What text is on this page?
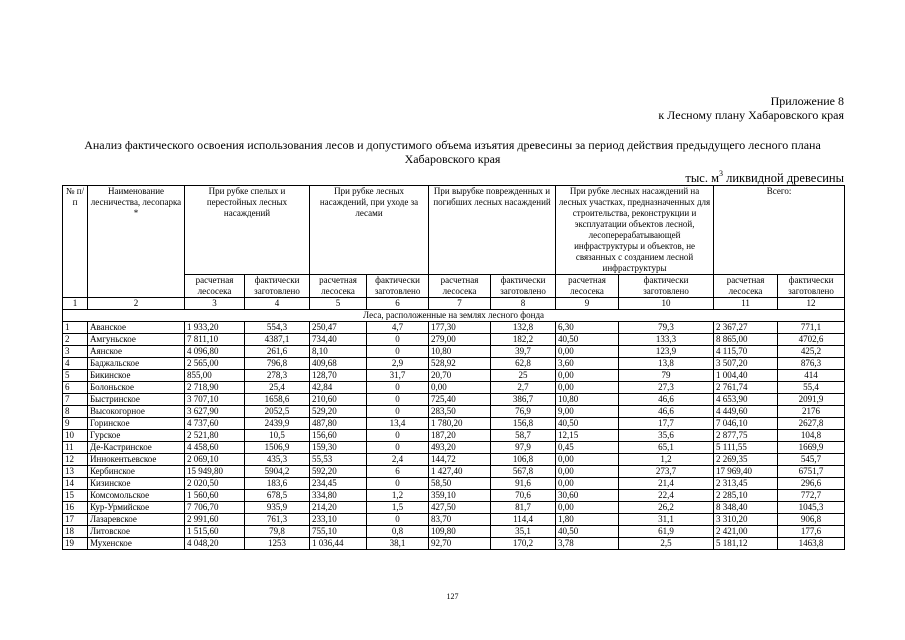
Приложение 8
к Лесному плану Хабаровского края
Анализ фактического освоения использования лесов и допустимого объема изъятия древесины за период действия предыдущего лесного плана Хабаровского края
тыс. $м^3$ ликвидной древесины
№ п/п	Наименование лесничества, лесопарка *	При рубке спелых и перестойных лесных насаждений		При рубке лесных насаждений, при уходе за лесами		При вырубке поврежденных и погибших лесных насаждений		При рубке лесных насаждений на лесных участках, предназначенных для строительства, реконструкции и эксплуатации объектов лесной, лесоперерабатывающей инфраструктуры и объектов, не связанных с созданием лесной инфраструктуры		Всего:	
		расчетная лесосека	фактически заготовлено	расчетная лесосека	фактически заготовлено	расчетная лесосека	фактически заготовлено	расчетная лесосека	фактически заготовлено	расчетная лесосека	фактически заготовлено
1	2	3	4	5	6	7	8	9	10	11	12
Леса, расположенные на землях лесного фонда											
1	Аванское	1 933,20	554,3	250,47	4,7	177,30	132,8	6,30	79,3	2 367,27	771,1
2	Амгуньское	7 811,10	4387,1	734,40	0	279,00	182,2	40,50	133,3	8 865,00	4702,6
3	Аянское	4 096,80	261,6	8,10	0	10,80	39,7	0,00	123,9	4 115,70	425,2
4	Баджальское	2 565,00	796,8	409,68	2,9	528,92	62,8	3,60	13,8	3 507,20	876,3
5	Бикинское	855,00	278,3	128,70	31,7	20,70	25	0,00	79	1 004,40	414
6	Болоньское	2 718,90	25,4	42,84	0	0,00	2,7	0,00	27,3	2 761,74	55,4
7	Быстринское	3 707,10	1658,6	210,60	0	725,40	386,7	10,80	46,6	4 653,90	2091,9
8	Высокогорное	3 627,90	2052,5	529,20	0	283,50	76,9	9,00	46,6	4 449,60	2176
9	Горинское	4 737,60	2439,9	487,80	13,4	1 780,20	156,8	40,50	17,7	7 046,10	2627,8
10	Гурское	2 521,80	10,5	156,60	0	187,20	58,7	12,15	35,6	2 877,75	104,8
11	Де-Кастринское	4 458,60	1506,9	159,30	0	493,20	97,9	0,45	65,1	5 111,55	1669,9
12	Иннокентьевское	2 069,10	435,3	55,53	2,4	144,72	106,8	0,00	1,2	2 269,35	545,7
13	Кербинское	15 949,80	5904,2	592,20	6	1 427,40	567,8	0,00	273,7	17 969,40	6751,7
14	Кизинское	2 020,50	183,6	234,45	0	58,50	91,6	0,00	21,4	2 313,45	296,6
15	Комсомольское	1 560,60	678,5	334,80	1,2	359,10	70,6	30,60	22,4	2 285,10	772,7
16	Кур-Урмийское	7 706,70	935,9	214,20	1,5	427,50	81,7	0,00	26,2	8 348,40	1045,3
17	Лазаревское	2 991,60	761,3	233,10	0	83,70	114,4	1,80	31,1	3 310,20	906,8
18	Литовское	1 515,60	79,8	755,10	0,8	109,80	35,1	40,50	61,9	2 421,00	177,6
19	Мухенское	4 048,20	1253	1 036,44	38,1	92,70	170,2	3,78	2,5	5 181,12	1463,8
127
